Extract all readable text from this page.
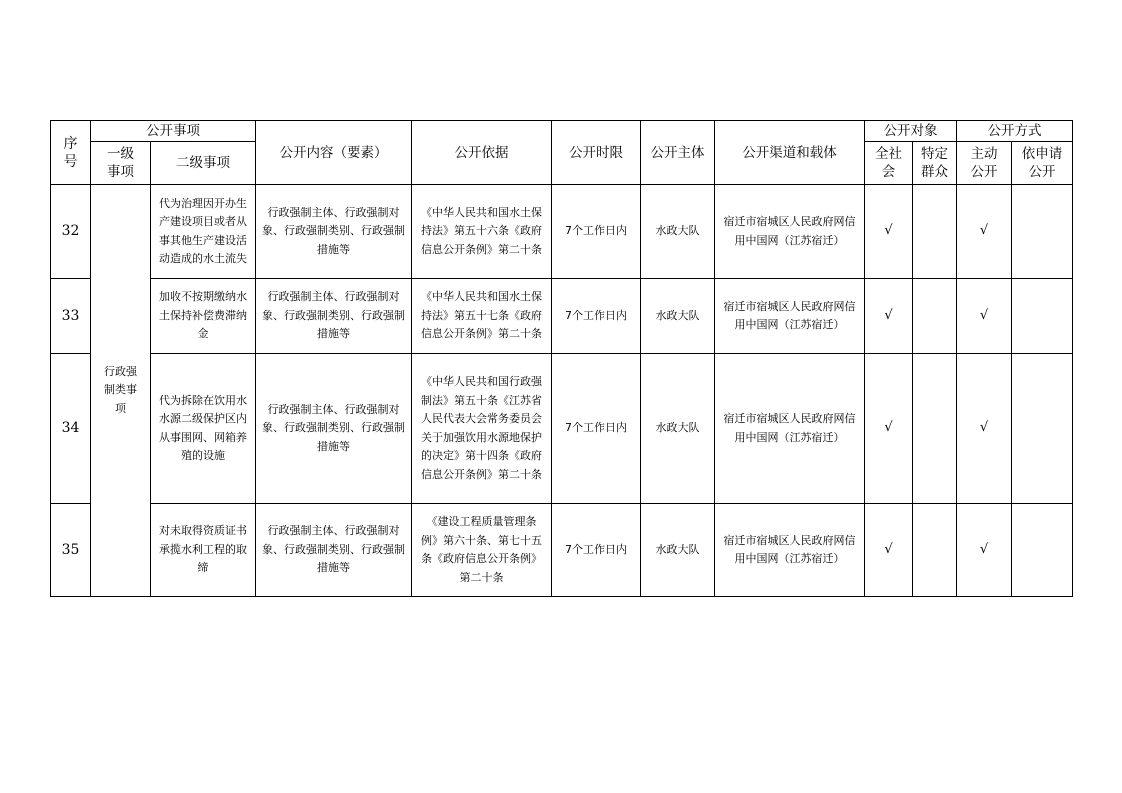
序号	公开事项		公开内容（要素）	公开依据	公开时限	公开主体	公开渠道和载体	公开对象		公开方式	
	一级事项	二级事项						全社会	特定群众	主动公开	依申请公开
32	行政强制类事项	代为治理因开办生产建设项目或者从事其他生产建设活动造成的水土流失	行政强制主体、行政强制对象、行政强制类别、行政强制措施等	《中华人民共和国水土保持法》第五十六条《政府信息公开条例》第二十条	7个工作日内	水政大队	宿迁市宿城区人民政府网信用中国网（江苏宿迁）	√		√	
33		加收不按期缴纳水土保持补偿费滞纳金	行政强制主体、行政强制对象、行政强制类别、行政强制措施等	《中华人民共和国水土保持法》第五十七条《政府信息公开条例》第二十条	7个工作日内	水政大队	宿迁市宿城区人民政府网信用中国网（江苏宿迁）	√		√	
34		代为拆除在饮用水水源二级保护区内从事围网、网箱养殖的设施	行政强制主体、行政强制对象、行政强制类别、行政强制措施等	《中华人民共和国行政强制法》第五十条《江苏省人民代表大会常务委员会关于加强饮用水源地保护的决定》第十四条《政府信息公开条例》第二十条	7个工作日内	水政大队	宿迁市宿城区人民政府网信用中国网（江苏宿迁）	√		√	
35		对未取得资质证书承揽水利工程的取缔	行政强制主体、行政强制对象、行政强制类别、行政强制措施等	《建设工程质量管理条例》第六十条、第七十五条《政府信息公开条例》第二十条	7个工作日内	水政大队	宿迁市宿城区人民政府网信用中国网（江苏宿迁）	√		√	
